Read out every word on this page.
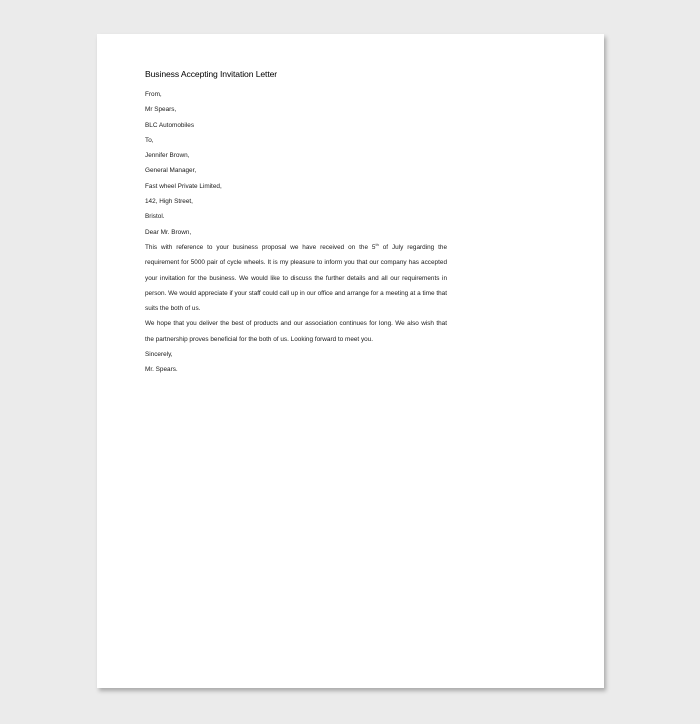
Business Accepting Invitation Letter
From,
Mr Spears,
BLC Automobiles
To,
Jennifer Brown,
General Manager,
Fast wheel Private Limited,
142, High Street,
Bristol.
Dear Mr. Brown,

This with reference to your business proposal we have received on the 5th of July regarding the requirement for 5000 pair of cycle wheels. It is my pleasure to inform you that our company has accepted your invitation for the business. We would like to discuss the further details and all our requirements in person. We would appreciate if your staff could call up in our office and arrange for a meeting at a time that suits the both of us.

We hope that you deliver the best of products and our association continues for long. We also wish that the partnership proves beneficial for the both of us. Looking forward to meet you.

Sincerely,
Mr. Spears.
